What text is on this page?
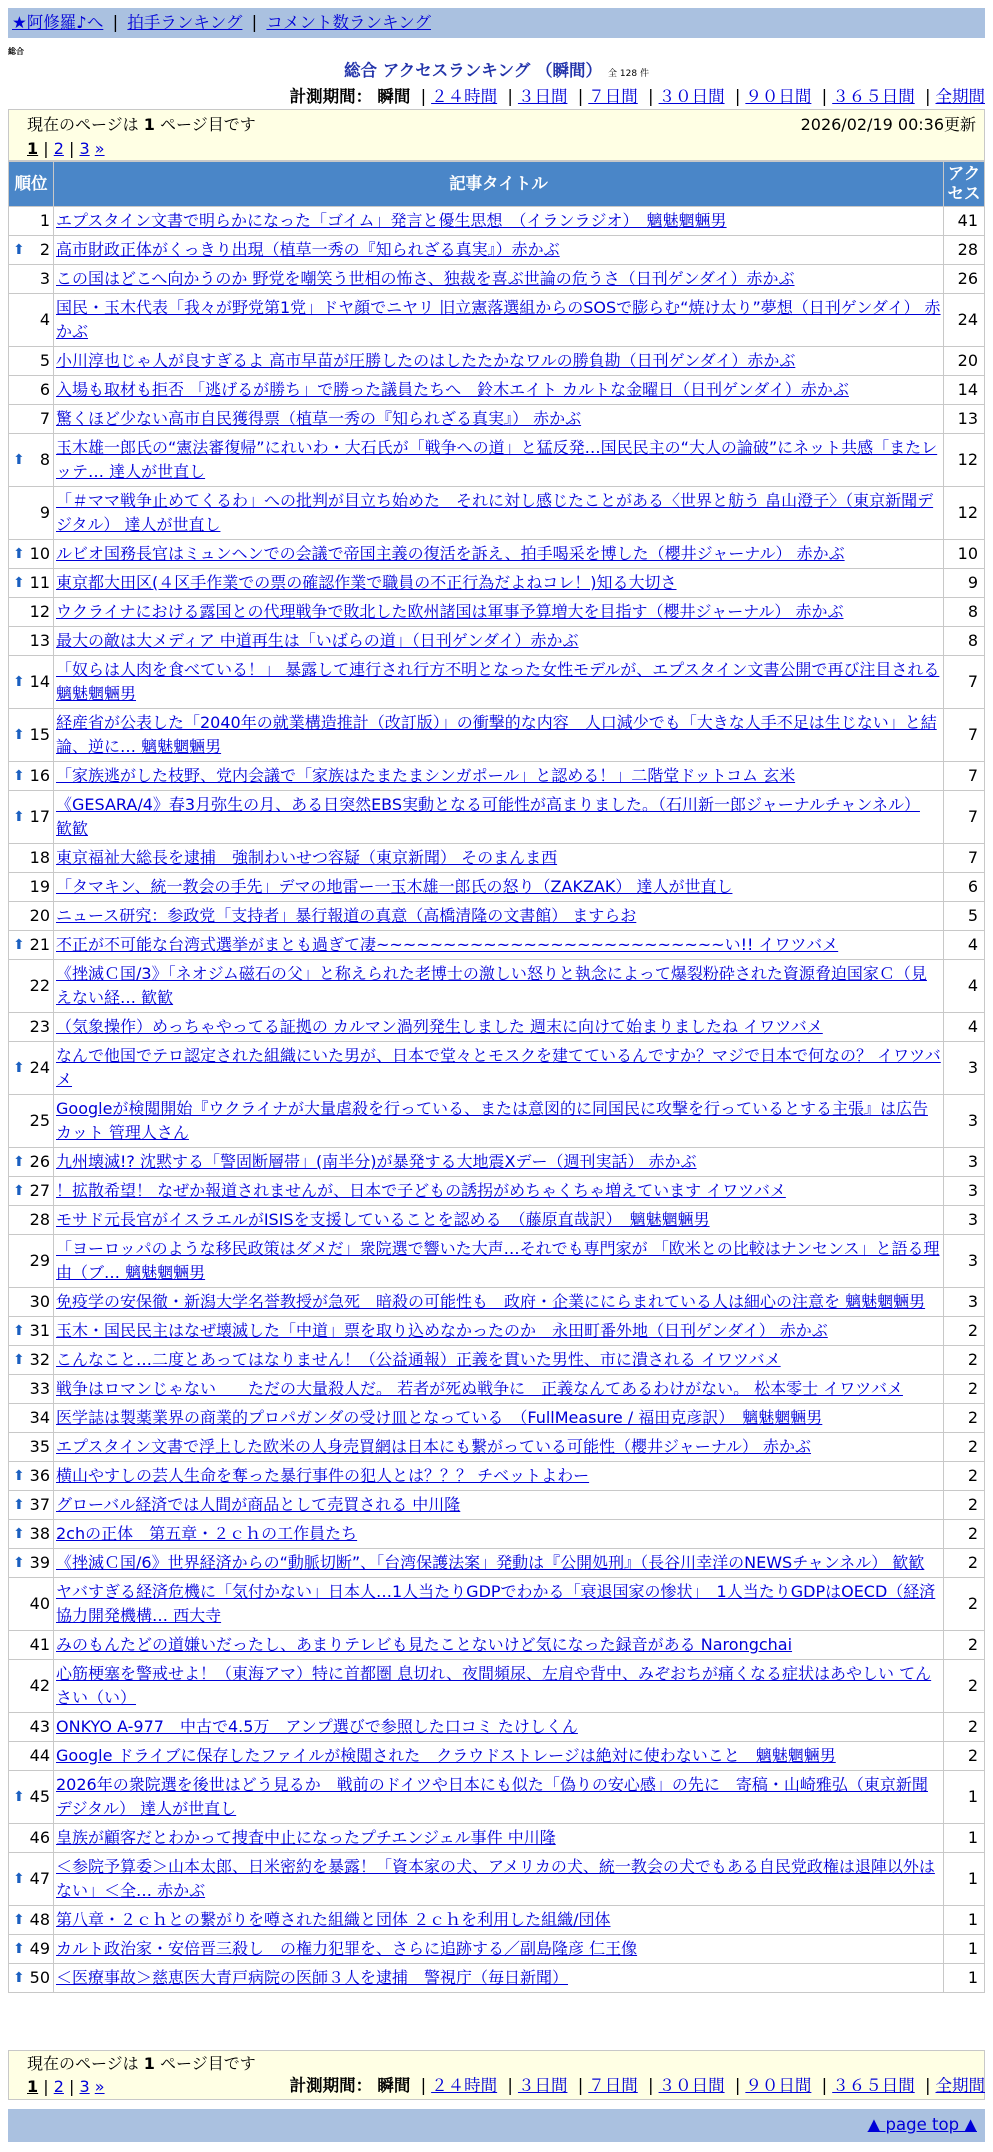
★阿修羅♪へ | 拍手ランキング | コメント数ランキング
総合
総合 アクセスランキング （瞬間） 全 128 件
計測期間： 瞬間 | ２４時間 | ３日間 | ７日間 | ３０日間 | ９０日間 | ３６５日間 | 全期間
現在のページは 1 ページ目です	2026/02/19 00:36更新
1 | 2 | 3 »
順位	記事タイトル	アクセス
1	エプスタイン文書で明らかになった「ゴイム」発言と優生思想　（イランラジオ）　魑魅魍魎男	41

⬆ 2	高市財政正体がくっきり出現（植草一秀の『知られざる真実』）赤かぶ	28
3	この国はどこへ向かうのか 野党を嘲笑う世相の怖さ、独裁を喜ぶ世論の危うさ（日刊ゲンダイ）赤かぶ	26
4	国民・玉木代表「我々が野党第1党」ドヤ顔でニヤリ 旧立憲落選組からのSOSで膨らむ“焼け太り”夢想（日刊ゲンダイ） 赤かぶ	24
5	小川淳也じゃ人が良すぎるよ 高市早苗が圧勝したのはしたたかなワルの勝負勘（日刊ゲンダイ）赤かぶ	20
6	入場も取材も拒否 「逃げるが勝ち」で勝った議員たちへ　鈴木エイト カルトな金曜日（日刊ゲンダイ）赤かぶ	14
7	驚くほど少ない高市自民獲得票（植草一秀の『知られざる真実』） 赤かぶ	13

⬆ 8	玉木雄一郎氏の“憲法審復帰”にれいわ・大石氏が「戦争への道」と猛反発…国民民主の“大人の論破”にネット共感「またレッテ… 達人が世直し	12
9	「＃ママ戦争止めてくるわ」への批判が目立ち始めた　それに対し感じたことがある〈世界と舫う 畠山澄子〉（東京新聞デジタル） 達人が世直し	12

⬆ 10	ルビオ国務長官はミュンヘンでの会議で帝国主義の復活を訴え、拍手喝采を博した（櫻井ジャーナル） 赤かぶ	10

⬆ 11	東京都大田区(４区手作業での票の確認作業で職員の不正行為だよねコレ！)知る大切さ	9
12	ウクライナにおける露国との代理戦争で敗北した欧州諸国は軍事予算増大を目指す（櫻井ジャーナル） 赤かぶ	8
13	最大の敵は大メディア 中道再生は「いばらの道」（日刊ゲンダイ）赤かぶ	8

⬆ 14	「奴らは人肉を食べている！」 暴露して連行され行方不明となった女性モデルが、エプスタイン文書公開で再び注目される 魑魅魍魎男	7

⬆ 15	経産省が公表した「2040年の就業構造推計（改訂版）」の衝撃的な内容　人口減少でも「大きな人手不足は生じない」と結論、逆に… 魑魅魍魎男	7

⬆ 16	「家族逃がした枝野、党内会議で「家族はたまたまシンガポール」と認める！」二階堂ドットコム 玄米	7

⬆ 17	《GESARA/4》春3月弥生の月、ある日突然EBS実動となる可能性が高まりました。（石川新一郎ジャーナルチャンネル） 歓歓	7
18	東京福祉大総長を逮捕　強制わいせつ容疑（東京新聞） そのまんま西	7
19	「タマキン、統一教会の手先」デマの地雷ー一玉木雄一郎氏の怒り（ZAKZAK） 達人が世直し	6
20	ニュース研究：参政党「支持者」暴行報道の真意（高橋清隆の文書館） ますらお	5

⬆ 21	不正が不可能な台湾式選挙がまとも過ぎて凄~~~~~~~~~~~~~~~~~~~~~~~~~~い!! イワツバメ	4
22	《挫滅Ｃ国/3》「ネオジム磁石の父」と称えられた老博士の激しい怒りと執念によって爆裂粉砕された資源脅迫国家Ｃ（見えない経… 歓歓	4
23	（気象操作）めっちゃやってる証拠の カルマン渦列発生しました 週末に向けて始まりましたね イワツバメ	4

⬆ 24	なんで他国でテロ認定された組織にいた男が、日本で堂々とモスクを建てているんですか？マジで日本で何なの？ イワツバメ	3
25	Googleが検閲開始『ウクライナが大量虐殺を行っている、または意図的に同国民に攻撃を行っているとする主張』は広告カット 管理人さん	3

⬆ 26	九州壊滅!? 沈黙する「警固断層帯」(南半分)が暴発する大地震Xデー（週刊実話） 赤かぶ	3

⬆ 27	！拡散希望！ なぜか報道されませんが、日本で子どもの誘拐がめちゃくちゃ増えています イワツバメ	3
28	モサド元長官がイスラエルがISISを支援していることを認める　（藤原直哉訳）　魑魅魍魎男	3
29	「ヨーロッパのような移民政策はダメだ」衆院選で響いた大声…それでも専門家が 「欧米との比較はナンセンス」と語る理由（ブ… 魑魅魍魎男	3
30	免疫学の安保徹・新潟大学名誉教授が急死　暗殺の可能性も　政府・企業ににらまれている人は細心の注意を 魑魅魍魎男	3

⬆ 31	玉木・国民民主はなぜ壊滅した「中道」票を取り込めなかったのか　永田町番外地（日刊ゲンダイ） 赤かぶ	2

⬆ 32	こんなこと…二度とあってはなりません！（公益通報）正義を貫いた男性、市に潰される イワツバメ	2
33	戦争はロマンじゃない　　ただの大量殺人だ。 若者が死ぬ戦争に　正義なんてあるわけがない。 松本零士 イワツバメ	2
34	医学誌は製薬業界の商業的プロパガンダの受け皿となっている　（FullMeasure / 福田克彦訳）　魑魅魍魎男	2
35	エプスタイン文書で浮上した欧米の人身売買網は日本にも繋がっている可能性（櫻井ジャーナル） 赤かぶ	2

⬆ 36	横山やすしの芸人生命を奪った暴行事件の犯人とは？？？ チベットよわー	2

⬆ 37	グローバル経済では人間が商品として売買される 中川隆	2

⬆ 38	2chの正体　第五章・２ｃｈの工作員たち	2

⬆ 39	《挫滅Ｃ国/6》世界経済からの“動脈切断”、「台湾保護法案」発動は『公開処刑』（長谷川幸洋のNEWSチャンネル） 歓歓	2
40	ヤバすぎる経済危機に「気付かない」日本人…1人当たりGDPでわかる「衰退国家の惨状」　1人当たりGDPはOECD（経済協力開発機構… 西大寺	2
41	みのもんたどの道嫌いだったし、あまりテレビも見たことないけど気になった録音がある Narongchai	2
42	心筋梗塞を警戒せよ！（東海アマ）特に首都圏 息切れ、夜間頻尿、左肩や背中、みぞおちが痛くなる症状はあやしい てんさい（い）	2
43	ONKYO A-977　中古で4.5万　アンプ選びで参照した口コミ たけしくん	2
44	Google ドライブに保存したファイルが検閲された　クラウドストレージは絶対に使わないこと　魑魅魍魎男	2

⬆ 45	2026年の衆院選を後世はどう見るか　戦前のドイツや日本にも似た「偽りの安心感」の先に　寄稿・山崎雅弘（東京新聞デジタル） 達人が世直し	1
46	皇族が顧客だとわかって捜査中止になったプチエンジェル事件 中川隆	1

⬆ 47	＜参院予算委＞山本太郎、日米密約を暴露！「資本家の犬、アメリカの犬、統一教会の犬でもある自民党政権は退陣以外はない」＜全… 赤かぶ	1

⬆ 48	第八章・２ｃｈとの繋がりを噂された組織と団体 ２ｃｈを利用した組織/団体	1

⬆ 49	カルト政治家・安倍晋三殺し　の権力犯罪を、さらに追跡する／副島隆彦 仁王像	1

⬆ 50	＜医療事故＞慈恵医大青戸病院の医師３人を逮捕　警視庁（毎日新聞）	1
現在のページは 1 ページ目です
1 | 2 | 3 »	計測期間： 瞬間 | ２４時間 | ３日間 | ７日間 | ３０日間 | ９０日間 | ３６５日間 | 全期間
▲ page top ▲
